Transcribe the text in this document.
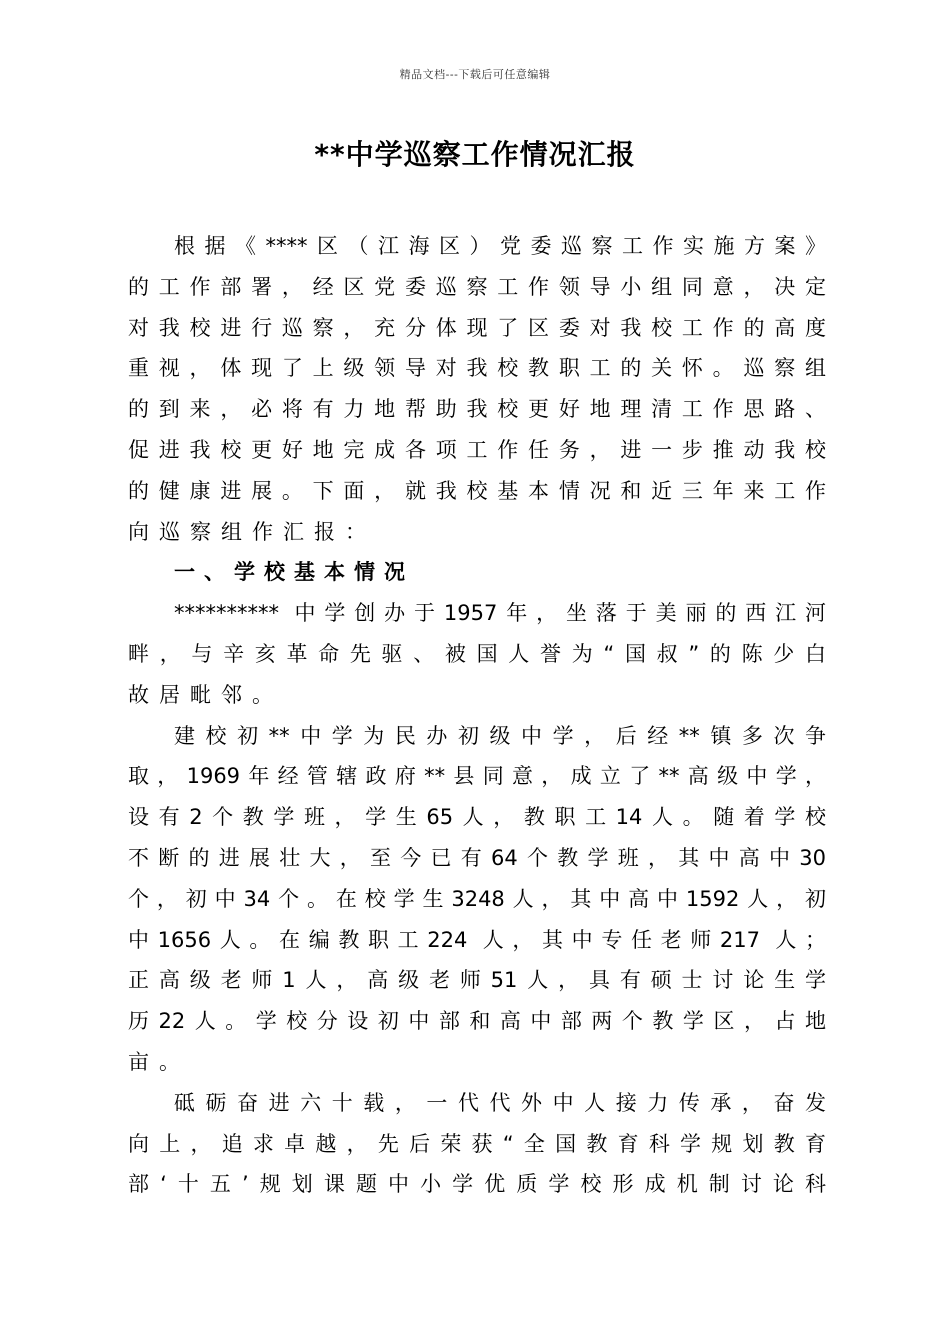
精品文档---下载后可任意编辑
**中学巡察工作情况汇报
根据《****区（江海区）党委巡察工作实施方案》
的工作部署，经区党委巡察工作领导小组同意，决定
对我校进行巡察，充分体现了区委对我校工作的高度
重视，体现了上级领导对我校教职工的关怀。巡察组
的到来，必将有力地帮助我校更好地理清工作思路、
促进我校更好地完成各项工作任务，进一步推动我校
的健康进展。下面，就我校基本情况和近三年来工作
向巡察组作汇报：
一、学校基本情况
********** 中学创办于1957年，坐落于美丽的西江河
畔，与辛亥革命先驱、被国人誉为“国叔”的陈少白
故居毗邻。
建校初**中学为民办初级中学，后经**镇多次争
取，1969年经管辖政府**县同意，成立了**高级中学，
设有2个教学班，学生65人，教职工14人。随着学校
不断的进展壮大，至今已有64个教学班，其中高中30
个，初中34个。在校学生3248人，其中高中1592人，初
中1656人。在编教职工224 人，其中专任老师217 人；
正高级老师1人，高级老师51人，具有硕士讨论生学
历22人。学校分设初中部和高中部两个教学区，占地
亩。
砥砺奋进六十载，一代代外中人接力传承，奋发
向上，追求卓越，先后荣获“全国教育科学规划教育
部‘十五’规划课题中小学优质学校形成机制讨论科
